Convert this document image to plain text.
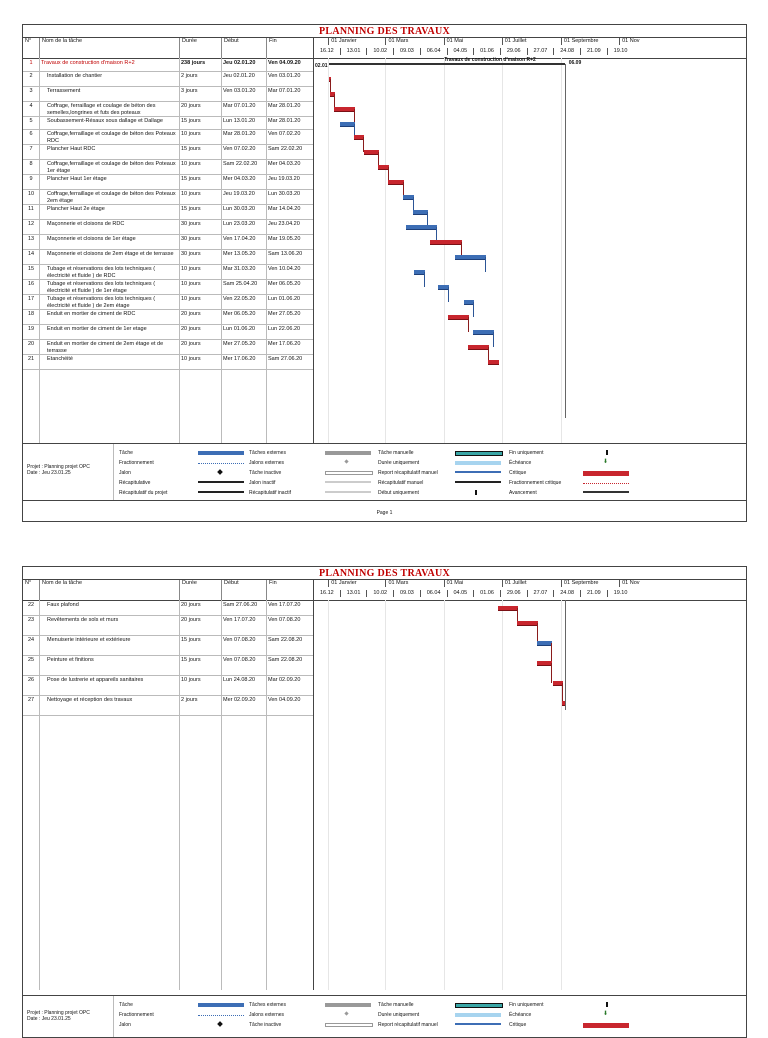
PLANNING DES TRAVAUX
N°	Nom de la tâche	Durée	Début	Fin	01 Janvier	01 Mars	01 Mai	01 Juillet	01 Septembre	01 Nov
16.12	13.01	10.02	09.03	06.04	04.05	01.06	29.06	27.07	24.08	21.09	19.10
1	Travaux de construction d'maison R+2	238 jours	Jeu 02.01.20 Ven 04.09.20
2	Installation de chantier	2 jours	Jeu 02.01.20 Ven 03.01.20
3	Terrassement	3 jours	Ven 03.01.20 Mar 07.01.20
4	Coffrage, ferraillage et coulage de béton des semelles,longrines et futs des poteaux
20 jours	Mar 07.01.20 Mar 28.01.20
5	Soubassement-Résaux sous dallage et Dallage	15 jours	Lun 13.01.20 Mar 28.01.20
6	Coffrage,ferraillage et coulage de béton des Poteaux RDC
10 jours	Mar 28.01.20 Ven 07.02.20
7	Plancher Haut RDC	15 jours	Ven 07.02.20 Sam 22.02.20
8	Coffrage,ferraillage et coulage de béton des Poteaux 1er étage
10 jours	Sam 22.02.20 Mer 04.03.20
9	Plancher Haut 1er étage	15 jours	Mer 04.03.20 Jeu 19.03.20
10	Coffrage,ferraillage et coulage de béton des Poteaux 2em étage
10 jours	Jeu 19.03.20 Lun 30.03.20
11	Plancher Haut 2e étage	15 jours	Lun 30.03.20 Mar 14.04.20
12	Maçonnerie et cloisons de RDC	30 jours	Lun 23.03.20 Jeu 23.04.20
13	Maçonnerie et cloisons de 1er étage	30 jours	Ven 17.04.20 Mar 19.05.20
14	Maçonnerie et cloisons de 2em étage et de terrasse	30 jours	Mer 13.05.20 Sam 13.06.20
15	Tubage et réservations des lots techniques ( électricité et fluide ) de RDC
10 jours	Mar 31.03.20 Ven 10.04.20
16	Tubage et réservations des lots techniques ( électricité et fluide ) de 1er étage
10 jours	Sam 25.04.20 Mer 06.05.20
17	Tubage et réservations des lots techniques ( électricité et fluide ) de 2em étage
10 jours	Ven 22.05.20 Lun 01.06.20
18	Enduit en mortier de ciment de RDC	20 jours	Mer 06.05.20 Mer 27.05.20
19	Enduit en mortier de ciment de 1er etage	20 jours	Lun 01.06.20 Lun 22.06.20
20	Enduit en mortier de ciment de 2em étage et de terrasse
20 jours	Mer 27.05.20 Mer 17.06.20
21	Etanchéité	10 jours	Mer 17.06.20 Sam 27.06.20
Travaux de construction d'maison R+2
02.01	06.09
Tâche
Fractionnement
Jalon
Récapitulative
Récapitulatif du projet
Tâches externes
Jalons externes
Tâche inactive
Jalon inactif
Récapitulatif inactif
Tâche manuelle
Durée uniquement
Report récapitulatif manuel
Récapitulatif manuel
Début uniquement
Fin uniquement
Échéance	⬇
Critique
Fractionnement critique
Avancement
Projet : Planning projet OPC
Date : Jeu 23.01.25
Page 1
PLANNING DES TRAVAUX
N°	Nom de la tâche	Durée	Début	Fin	01 Janvier	01 Mars	01 Mai	01 Juillet	01 Septembre	01 Nov
16.12	13.01	10.02	09.03	06.04	04.05	01.06	29.06	27.07	24.08	21.09	19.10
22	Faux plafond	20 jours	Sam 27.06.20 Ven 17.07.20
23	Revêtements de sols et murs	20 jours	Ven 17.07.20 Ven 07.08.20
24	Menuiserie intérieure et extérieure	15 jours	Ven 07.08.20 Sam 22.08.20
25	Peinture et finitions	15 jours	Ven 07.08.20 Sam 22.08.20
26	Pose de lustrerie et appareils sanitaires	10 jours	Lun 24.08.20 Mar 02.09.20
27	Nettoyage et réception des travaux	2 jours	Mer 02.09.20 Ven 04.09.20
Tâche
Fractionnement
Jalon
Tâches externes
Jalons externes
Tâche inactive
Tâche manuelle
Durée uniquement
Report récapitulatif manuel
Fin uniquement
Échéance	⬇
Critique
Projet : Planning projet OPC
Date : Jeu 23.01.25
